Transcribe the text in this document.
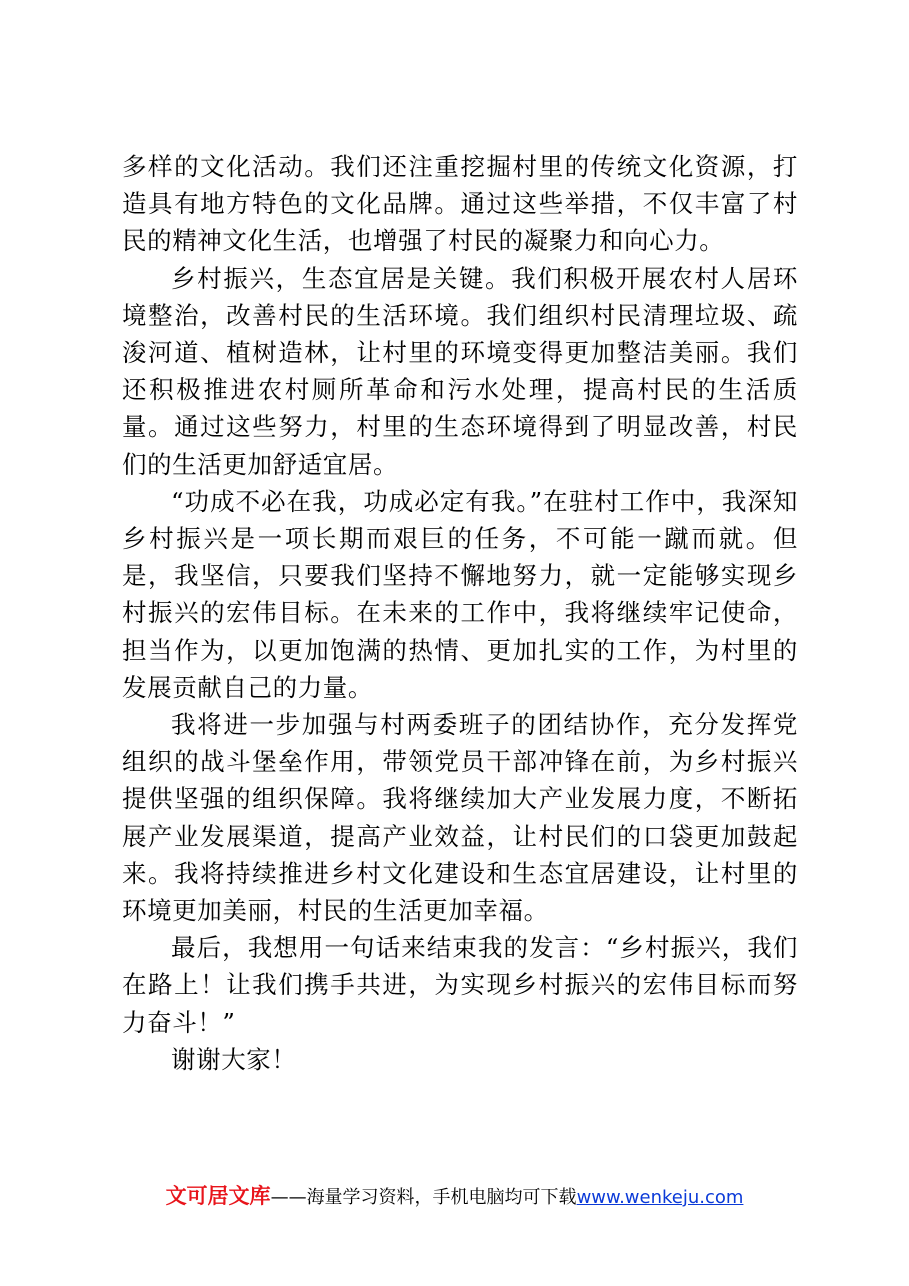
多样的文化活动。我们还注重挖掘村里的传统文化资源，打造具有地方特色的文化品牌。通过这些举措，不仅丰富了村民的精神文化生活，也增强了村民的凝聚力和向心力。

乡村振兴，生态宜居是关键。我们积极开展农村人居环境整治，改善村民的生活环境。我们组织村民清理垃圾、疏浚河道、植树造林，让村里的环境变得更加整洁美丽。我们还积极推进农村厕所革命和污水处理，提高村民的生活质量。通过这些努力，村里的生态环境得到了明显改善，村民们的生活更加舒适宜居。

“功成不必在我，功成必定有我。”在驻村工作中，我深知乡村振兴是一项长期而艰巨的任务，不可能一蹴而就。但是，我坚信，只要我们坚持不懈地努力，就一定能够实现乡村振兴的宏伟目标。在未来的工作中，我将继续牢记使命，担当作为，以更加饱满的热情、更加扎实的工作，为村里的发展贡献自己的力量。

我将进一步加强与村两委班子的团结协作，充分发挥党组织的战斗堡垒作用，带领党员干部冲锋在前，为乡村振兴提供坚强的组织保障。我将继续加大产业发展力度，不断拓展产业发展渠道，提高产业效益，让村民们的口袋更加鼓起来。我将持续推进乡村文化建设和生态宜居建设，让村里的环境更加美丽，村民的生活更加幸福。

最后，我想用一句话来结束我的发言：“乡村振兴，我们在路上！让我们携手共进，为实现乡村振兴的宏伟目标而努力奋斗！”

谢谢大家！

文可居文库——海量学习资料，手机电脑均可下载www.wenkeju.com
